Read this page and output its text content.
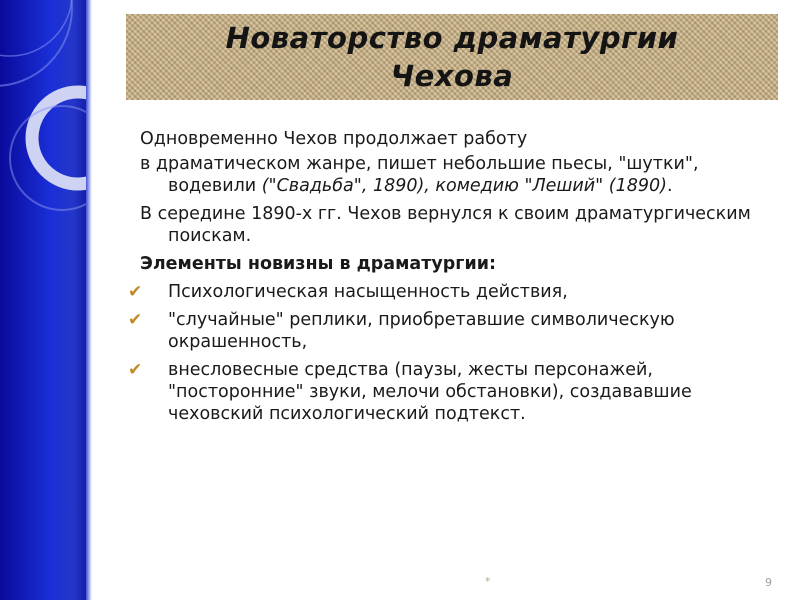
Новаторство драматургии
Чехова

Одновременно Чехов продолжает работу

в драматическом жанре, пишет небольшие пьесы, "шутки", водевили ("Свадьба", 1890), комедию "Леший" (1890).

В середине 1890-х гг. Чехов вернулся к своим драматургическим поискам.

Элементы новизны в драматургии:

✔ Психологическая насыщенность действия,
✔ "случайные" реплики, приобретавшие символическую окрашенность,
✔ внесловесные средства (паузы, жесты персонажей, "посторонние" звуки, мелочи обстановки), создававшие чеховский психологический подтекст.
*	9
